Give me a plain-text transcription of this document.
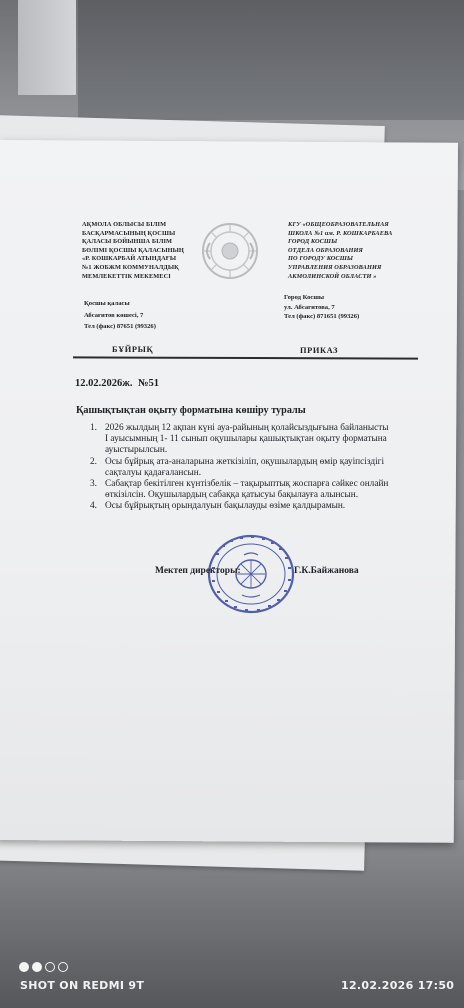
АҚМОЛА ОБЛЫСЫ БІЛІМ
БАСҚАРМАСЫНЫҢ ҚОСШЫ
ҚАЛАСЫ БОЙЫНША БІЛІМ
БӨЛІМІ ҚОСШЫ ҚАЛАСЫНЫҢ
«Р. КОШКАРБАЙ АТЫНДАҒЫ
№1 ЖОБЖМ КОММУНАЛДЫҚ
МЕМЛЕКЕТТІК МЕКЕМЕСІ
КГУ «ОБЩЕОБРАЗОВАТЕЛЬНАЯ
ШКОЛА №1 им. Р. КОШКАРБАЕВА
ГОРОД КОСШЫ
ОТДЕЛА ОБРАЗОВАНИЯ
ПО ГОРОДУ КОСШЫ
УПРАВЛЕНИЯ ОБРАЗОВАНИЯ
АКМОЛИНСКОЙ ОБЛАСТИ »
Қосшы қаласы
Абсағитов көшесі, 7
Тел (факс) 87651 (99326)
Город Косшы
ул. Абсагитова, 7
Тел (факс) 871651 (99326)
БҰЙРЫҚ	ПРИКАЗ
12.02.2026ж. №51
Қашықтықтан оқыту форматына көшіру туралы
1. 2026 жылдың 12 ақпан күні ауа-райының қолайсыздығына байланысты
І ауысымның 1- 11 сынып оқушылары қашықтықтан оқыту форматына
ауыстырылсын.
2. Осы бұйрық ата-аналарына жеткізіліп, оқушылардың өмір қауіпсіздігі
сақталуы қадағалансын.
3. Сабақтар бекітілген күнтізбелік – тақырыптық жоспарға сәйкес онлайн
өткізілсін. Оқушылардың сабаққа қатысуы бақылауға алынсын.
4. Осы бұйрықтың орындалуын бақылауды өзіме қалдырамын.
Мектеп директоры:	Г.К.Байжанова
SHOT ON REDMI 9T	12.02.2026 17:50
